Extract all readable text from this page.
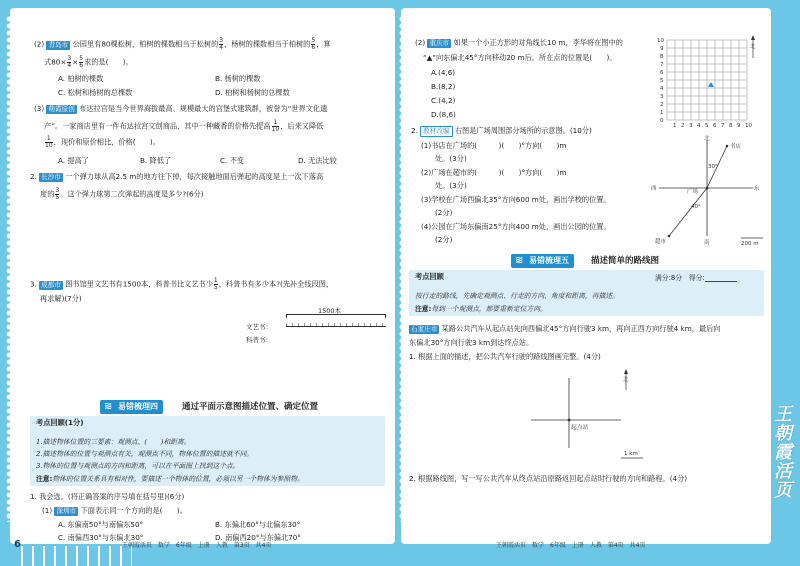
(2) 青岛市 公园里有80棵松树，柏树的棵数相当于松树的 $\frac{3}{4}$ ，杨树的棵数相当于柏树的 $\frac{5}{6}$ ，算
式$80\times \frac{3}{4} \times \frac{5}{6}$ 求的是(　　)。
A. 柏树的棵数	B. 杨树的棵数
C. 松树和杨树的总棵数	D. 柏树和杨树的总棵数
(3) 萌霞原创 布达拉宫是当今世界海拔最高、规模最大的宫堡式建筑群，被誉为“世界文化遗
产”。一家商店里有一件布达拉宫文创商品，其中一种藏香的价格先提高 $\frac{1}{10}$ ，后来又降低
$\frac{1}{10}$ ，现价和原价相比，价格(　　)。
A. 提高了	B. 降低了	C. 不变	D. 无法比较
2. 长沙市 一个弹力球从高2.5 m的地方往下掉，每次接触地面后弹起的高度是上一次下落高
度的 $\frac{3}{5}$ 。这个弹力球第二次弹起的高度是多少?(6分)
3. 成都市 图书馆里文艺书有1500本，科普书比文艺书少 $\frac{1}{5}$ ，科普书有多少本?(先补全线段图，
再求解)(7分)
1500本
文艺书：
科普书：
≋ 易错梳理四	通过平面示意图描述位置、确定位置
考点回顾(1分)
1.描述物体位置的三要素：观测点、(　　)和距离。
2.描述物体的位置与观测点有关，观测点不同，物体位置的描述就不同。
3.物体的位置与观测点的方向和距离，可以在平面图上找到这个点。
注意:物体的位置关系具有相对性，要描述一个物体的位置，必须以另一个物体为参照物。
1. 我会选。(将正确答案的序号填在括号里)(6分)
(1) 深圳市 下面表示同一个方向的是(　　)。
A. 东偏南50°与南偏东50°	B. 东偏北60°与北偏东30°
C. 南偏西30°与东偏北30°	D. 南偏西20°与东偏北70°
6	王朝霞活页　数学　6年级　上册　人教　第3页　共4页
(2) 重庆市 如果一个小正方形的对角线长10 m，李华将在图中的
“▲”向东偏北45°方向移动20 m后，所在点的位置是(　　)。
A.(4,6)
B.(8,2)
C.(4,2)
D.(8,6)
10
9
8
7
6
5
4
3
2
1
0
1 2 3 4 5 6 7 8 9 10
北
2. 教材改编 右图是广场周围部分场所的示意图。(10分)
(1)书店在广场的(　　　)(　　)°方向(　　)m
处。(3分)
(2)广场在超市的(　　　)(　　)°方向(　　)m
处。(3分)
(3)学校在广场西偏北35°方向600 m处，画出学校的位置。
(2分)
(4)公园在广场东偏南25°方向400 m处，画出公园的位置。
(2分)
北
南
西	东
书店
广场
超市
30°
40°
200 m
≋ 易错梳理五	描述简单的路线图
考点回顾	满分:8分　得分:
按行走的路线，先确定观测点、行走的方向、角度和距离，再描述。
注意:每到一个观测点，都要重新定位方向。
石家庄市 某路公共汽车从起点站先向西偏北45°方向行驶3 km，再向正西方向行驶4 km，最后向
东偏北30°方向行驶3 km到达终点站。
1. 根据上面的描述，把公共汽车行驶的路线图画完整。(4分)
起点站
北
1 km
2. 根据路线图，写一写公共汽车从终点站沿原路返回起点站时行驶的方向和路程。(4分)
王朝霞活页　数学　6年级　上册　人教　第4页　共4页
王
朝
霞
活
页
